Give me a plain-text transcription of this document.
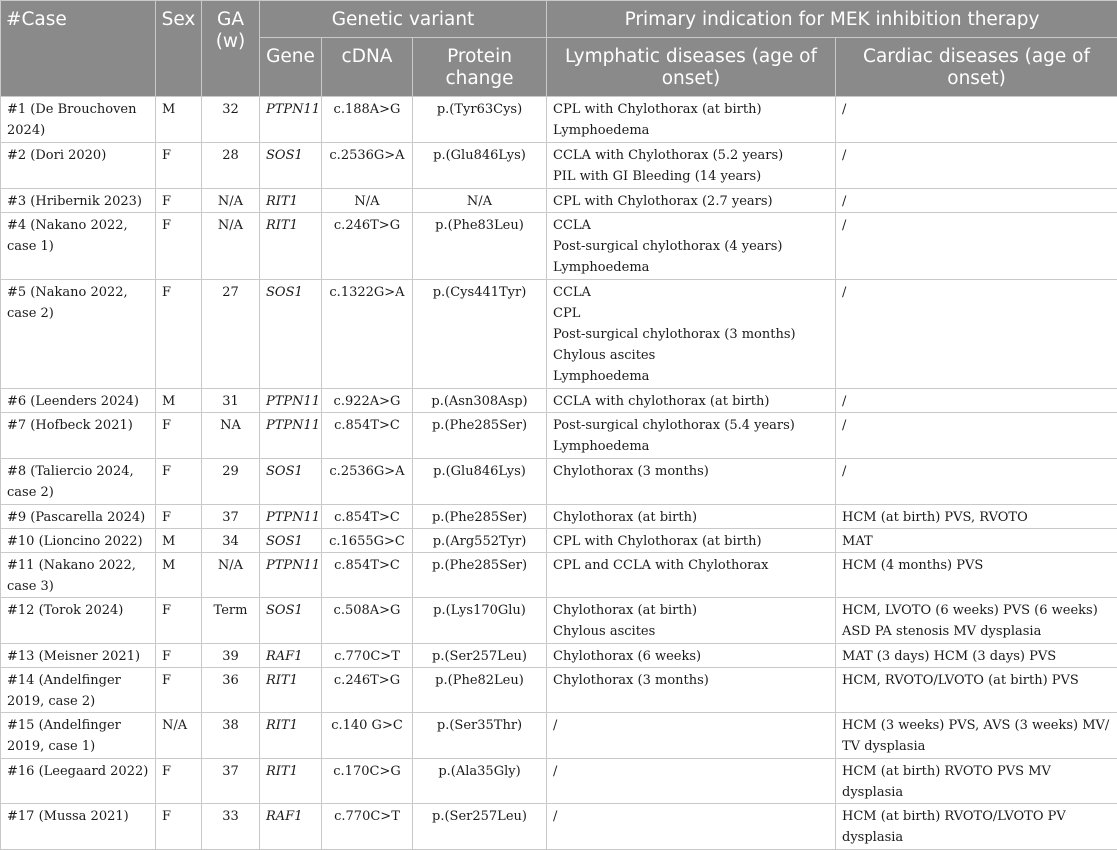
#Case	Sex	GA (w)	Genetic variant			Primary indication for MEK inhibition therapy	
			Gene	cDNA	Protein change	Lymphatic diseases (age of onset)	Cardiac diseases (age of onset)
#1 (De Brouchoven 2024)	M	32	PTPN11	c.188A>G	p.(Tyr63Cys)	CPL with Chylothorax (at birth)
Lymphoedema	/
#2 (Dori 2020)	F	28	SOS1	c.2536G>A	p.(Glu846Lys)	CCLA with Chylothorax (5.2 years)
PIL with GI Bleeding (14 years)	/
#3 (Hribernik 2023)	F	N/A	RIT1	N/A	N/A	CPL with Chylothorax (2.7 years)	/
#4 (Nakano 2022, case 1)	F	N/A	RIT1	c.246T>G	p.(Phe83Leu)	CCLA
Post-surgical chylothorax (4 years)
Lymphoedema	/
#5 (Nakano 2022, case 2)	F	27	SOS1	c.1322G>A	p.(Cys441Tyr)	CCLA
CPL
Post-surgical chylothorax (3 months)
Chylous ascites
Lymphoedema	/
#6 (Leenders 2024)	M	31	PTPN11	c.922A>G	p.(Asn308Asp)	CCLA with chylothorax (at birth)	/
#7 (Hofbeck 2021)	F	NA	PTPN11	c.854T>C	p.(Phe285Ser)	Post-surgical chylothorax (5.4 years)
Lymphoedema	/
#8 (Taliercio 2024, case 2)	F	29	SOS1	c.2536G>A	p.(Glu846Lys)	Chylothorax (3 months)	/
#9 (Pascarella 2024)	F	37	PTPN11	c.854T>C	p.(Phe285Ser)	Chylothorax (at birth)	HCM (at birth) PVS, RVOTO
#10 (Lioncino 2022)	M	34	SOS1	c.1655G>C	p.(Arg552Tyr)	CPL with Chylothorax (at birth)	MAT
#11 (Nakano 2022, case 3)	M	N/A	PTPN11	c.854T>C	p.(Phe285Ser)	CPL and CCLA with Chylothorax	HCM (4 months) PVS
#12 (Torok 2024)	F	Term	SOS1	c.508A>G	p.(Lys170Glu)	Chylothorax (at birth)
Chylous ascites	HCM, LVOTO (6 weeks) PVS (6 weeks) ASD PA stenosis MV dysplasia
#13 (Meisner 2021)	F	39	RAF1	c.770C>T	p.(Ser257Leu)	Chylothorax (6 weeks)	MAT (3 days) HCM (3 days) PVS
#14 (Andelfinger 2019, case 2)	F	36	RIT1	c.246T>G	p.(Phe82Leu)	Chylothorax (3 months)	HCM, RVOTO/LVOTO (at birth) PVS
#15 (Andelfinger 2019, case 1)	N/A	38	RIT1	c.140 G>C	p.(Ser35Thr)	/	HCM (3 weeks) PVS, AVS (3 weeks) MV/ TV dysplasia
#16 (Leegaard 2022)	F	37	RIT1	c.170C>G	p.(Ala35Gly)	/	HCM (at birth) RVOTO PVS MV dysplasia
#17 (Mussa 2021)	F	33	RAF1	c.770C>T	p.(Ser257Leu)	/	HCM (at birth) RVOTO/LVOTO PV dysplasia
